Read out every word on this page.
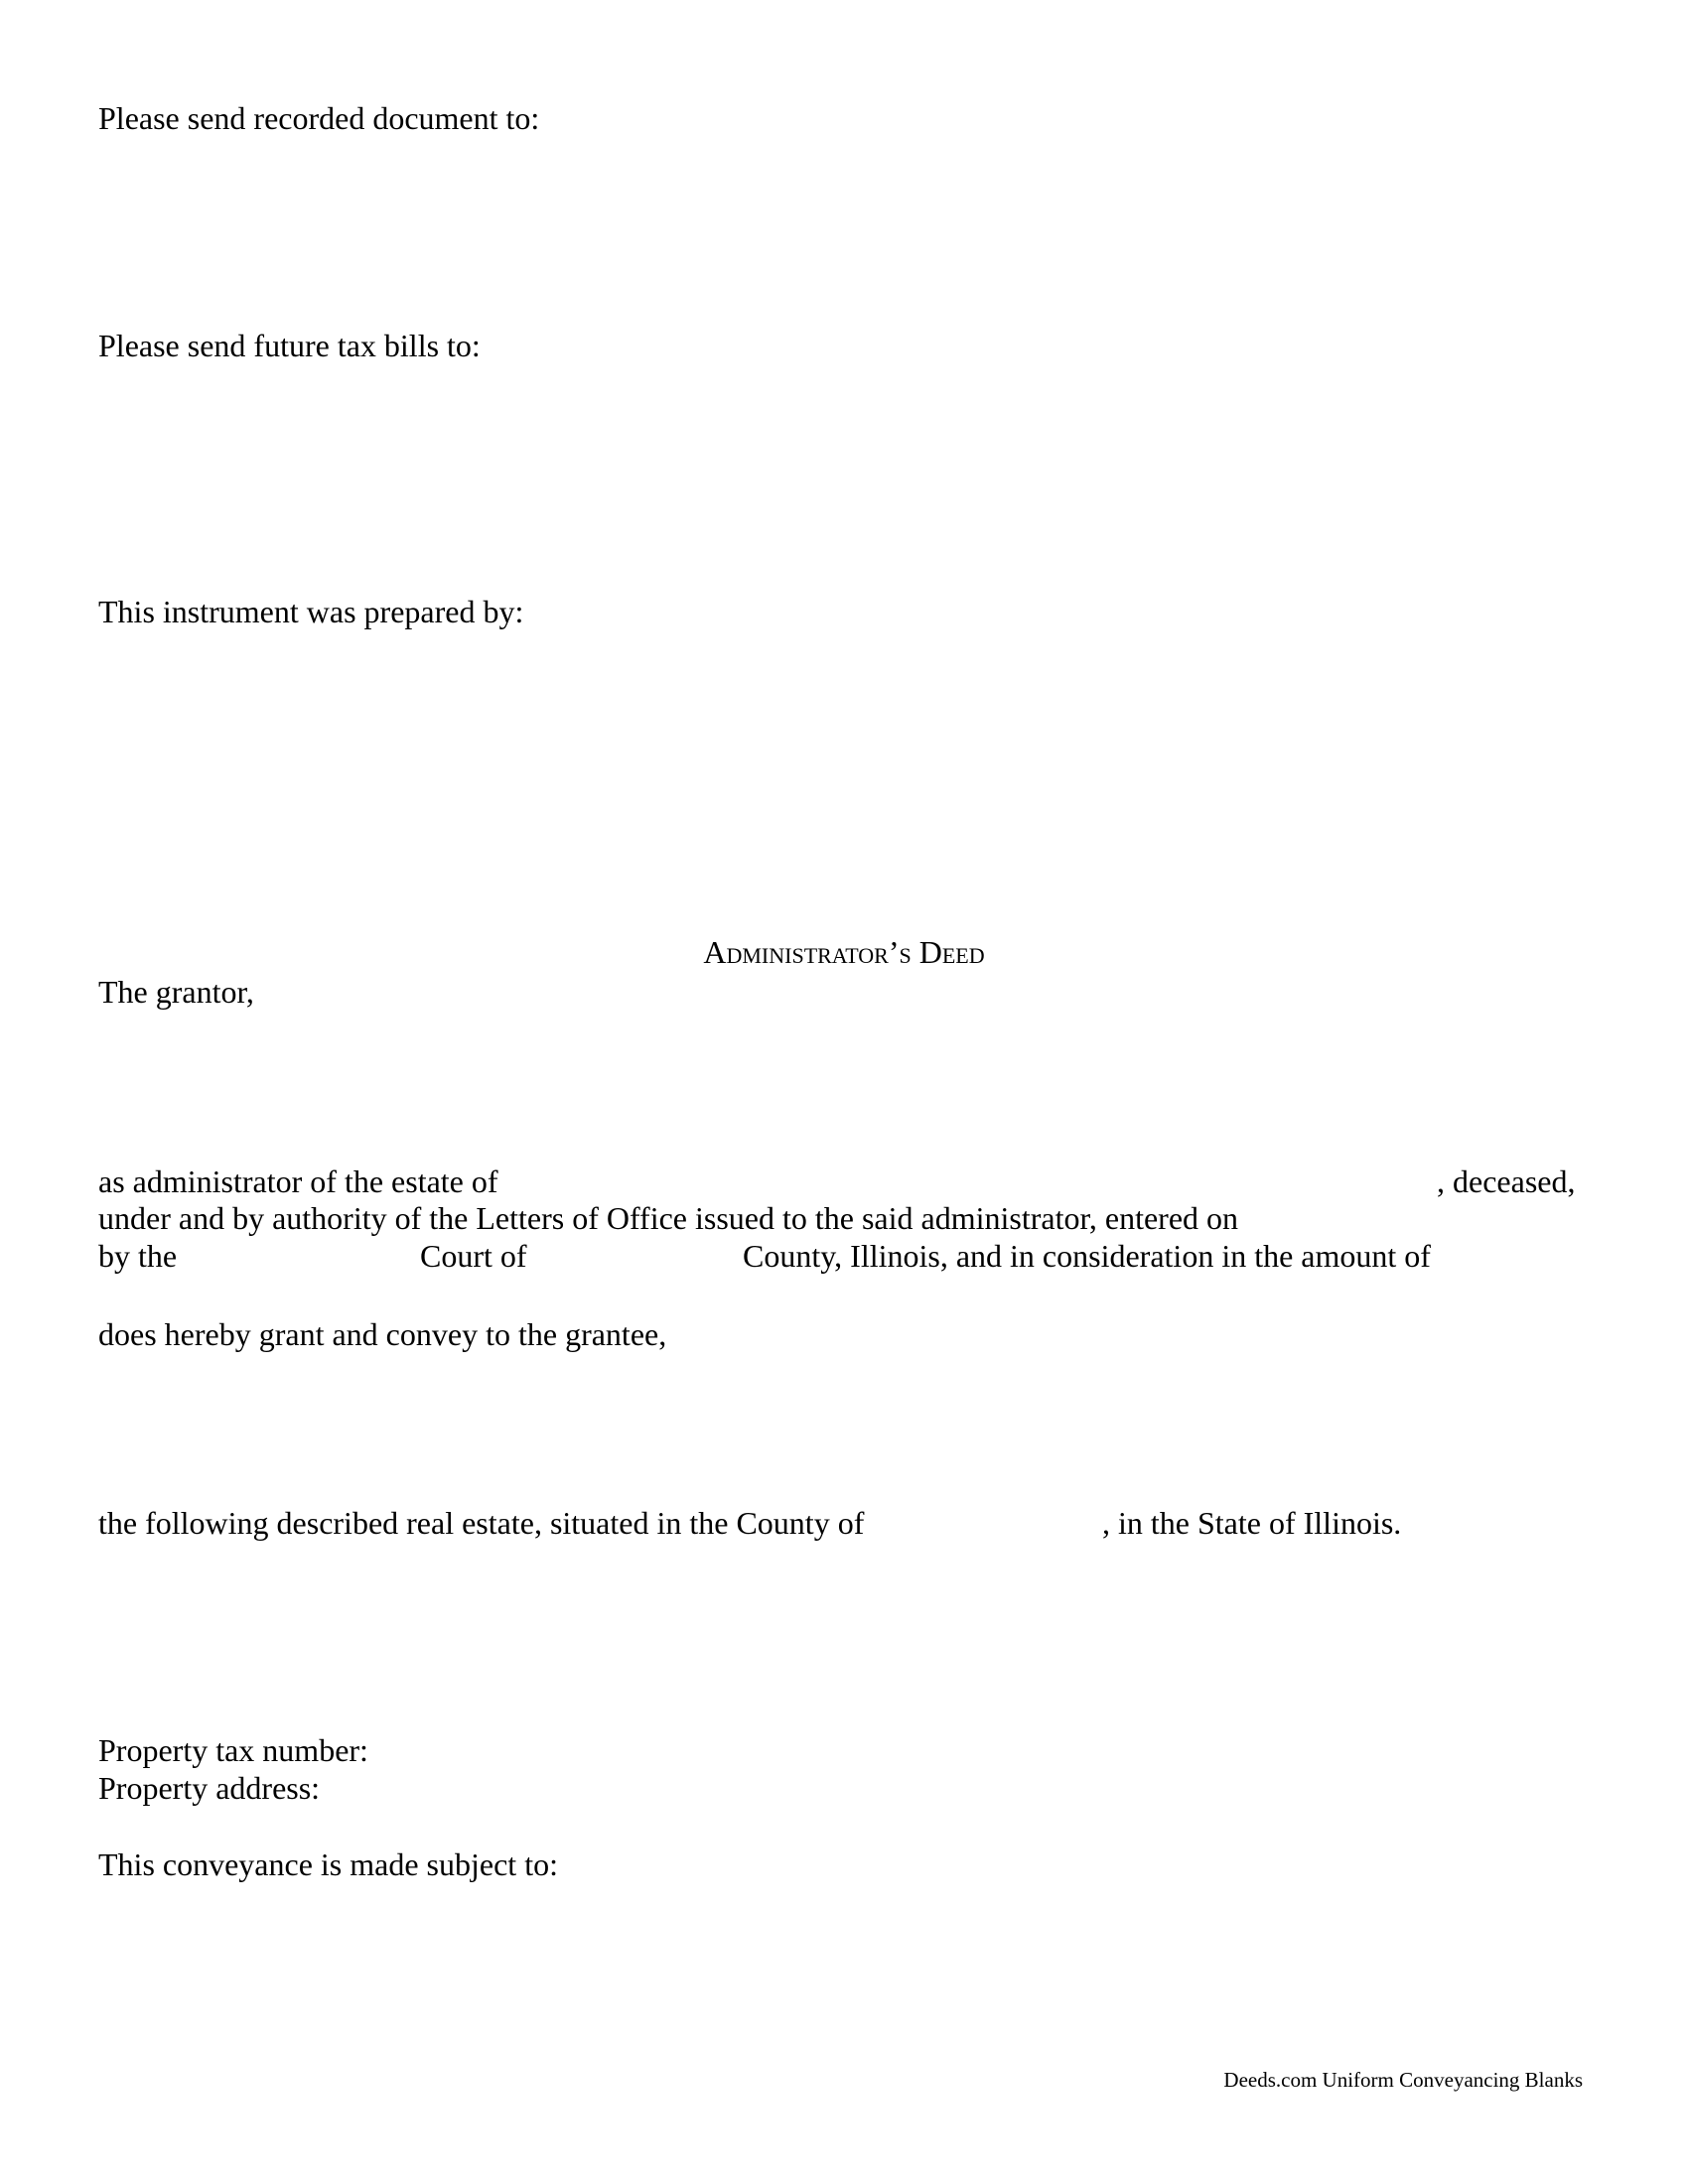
Please send recorded document to:
Please send future tax bills to:
This instrument was prepared by:
Administrator’s Deed
The grantor,
as administrator of the estate of	, deceased,
under and by authority of the Letters of Office issued to the said administrator, entered on
by the	Court of	County, Illinois, and in consideration in the amount of
does hereby grant and convey to the grantee,
the following described real estate, situated in the County of	, in the State of Illinois.
Property tax number:
Property address:
This conveyance is made subject to:
Deeds.com Uniform Conveyancing Blanks
